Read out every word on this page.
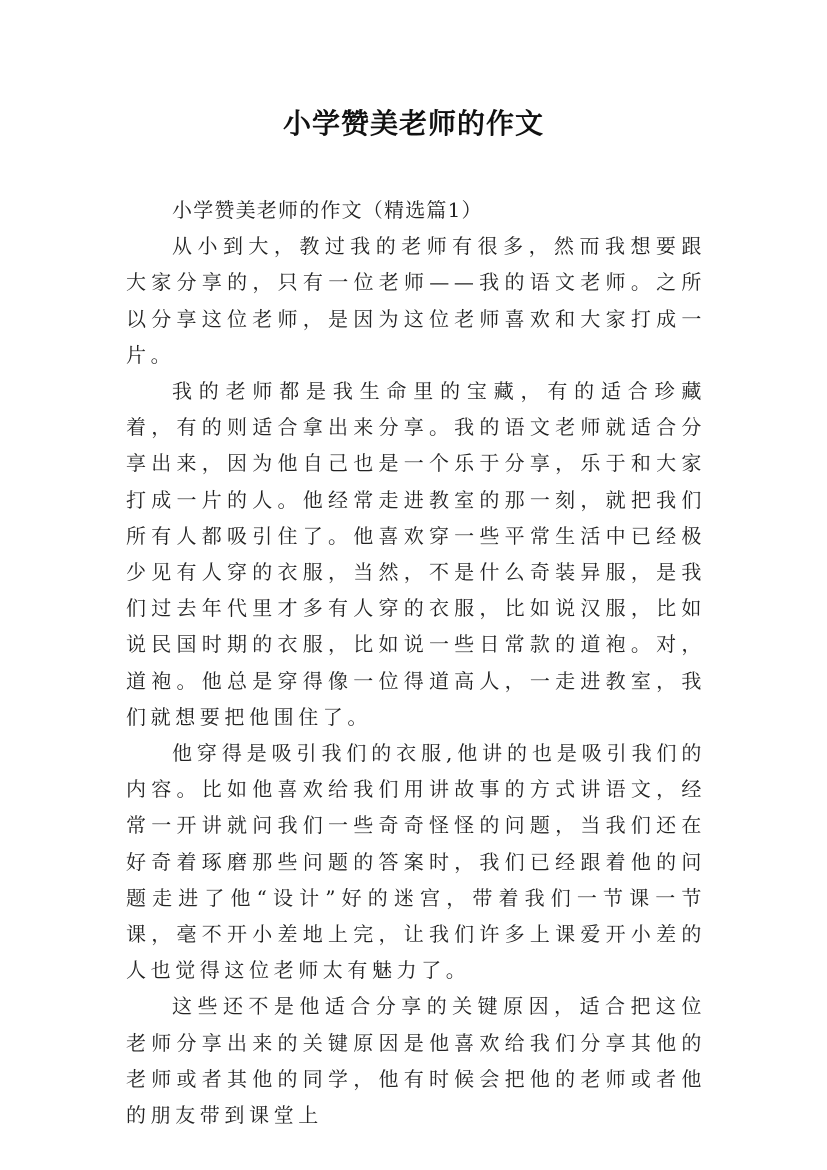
小学赞美老师的作文

小学赞美老师的作文（精选篇1）

从小到大，教过我的老师有很多，然而我想要跟大家分享的，只有一位老师——我的语文老师。之所以分享这位老师，是因为这位老师喜欢和大家打成一片。

我的老师都是我生命里的宝藏，有的适合珍藏着，有的则适合拿出来分享。我的语文老师就适合分享出来，因为他自己也是一个乐于分享，乐于和大家打成一片的人。他经常走进教室的那一刻，就把我们所有人都吸引住了。他喜欢穿一些平常生活中已经极少见有人穿的衣服，当然，不是什么奇装异服，是我们过去年代里才多有人穿的衣服，比如说汉服，比如说民国时期的衣服，比如说一些日常款的道袍。对，道袍。他总是穿得像一位得道高人，一走进教室，我们就想要把他围住了。

他穿得是吸引我们的衣服,他讲的也是吸引我们的内容。比如他喜欢给我们用讲故事的方式讲语文，经常一开讲就问我们一些奇奇怪怪的问题，当我们还在好奇着琢磨那些问题的答案时，我们已经跟着他的问题走进了他“设计”好的迷宫，带着我们一节课一节课，毫不开小差地上完，让我们许多上课爱开小差的人也觉得这位老师太有魅力了。

这些还不是他适合分享的关键原因，适合把这位老师分享出来的关键原因是他喜欢给我们分享其他的老师或者其他的同学，他有时候会把他的老师或者他的朋友带到课堂上
